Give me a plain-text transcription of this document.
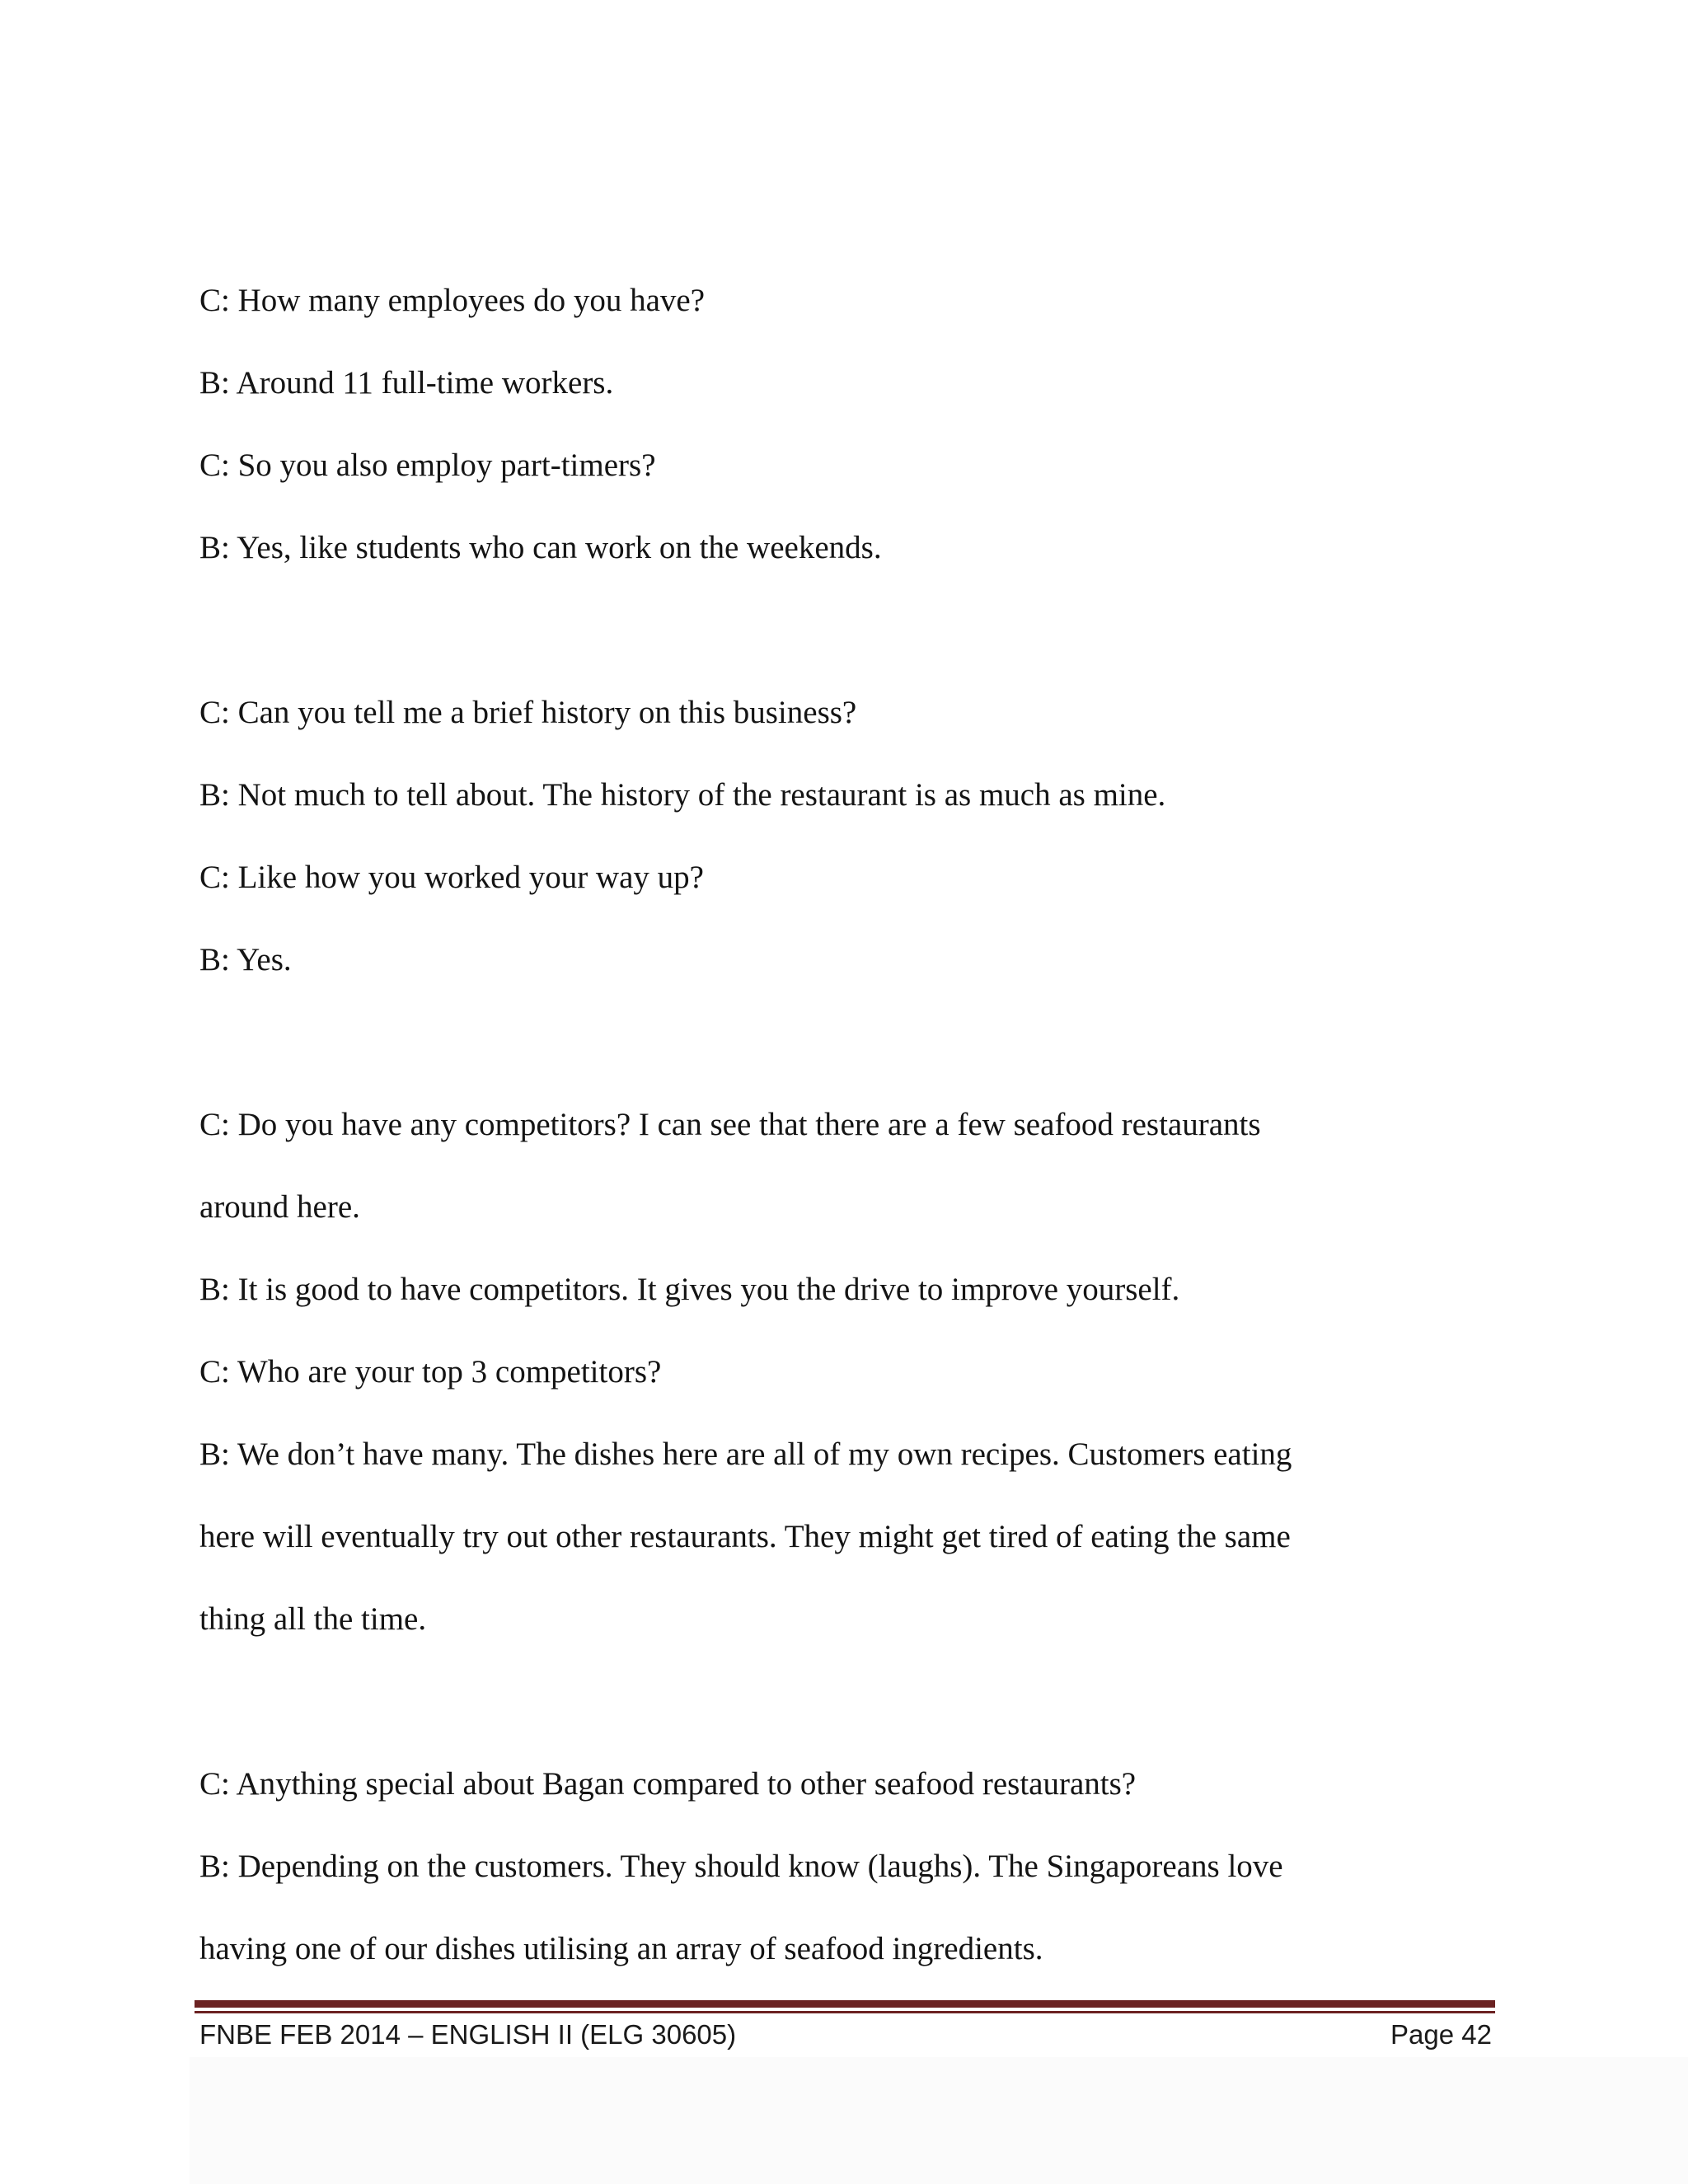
C: How many employees do you have?
B: Around 11 full-time workers.
C: So you also employ part-timers?
B: Yes, like students who can work on the weekends.
C: Can you tell me a brief history on this business?
B: Not much to tell about. The history of the restaurant is as much as mine.
C: Like how you worked your way up?
B: Yes.
C: Do you have any competitors? I can see that there are a few seafood restaurants
around here.
B: It is good to have competitors. It gives you the drive to improve yourself.
C: Who are your top 3 competitors?
B: We don’t have many. The dishes here are all of my own recipes. Customers eating
here will eventually try out other restaurants. They might get tired of eating the same
thing all the time.
C: Anything special about Bagan compared to other seafood restaurants?
B: Depending on the customers. They should know (laughs). The Singaporeans love
having one of our dishes utilising an array of seafood ingredients.
FNBE FEB 2014 – ENGLISH II (ELG 30605)	Page 42
